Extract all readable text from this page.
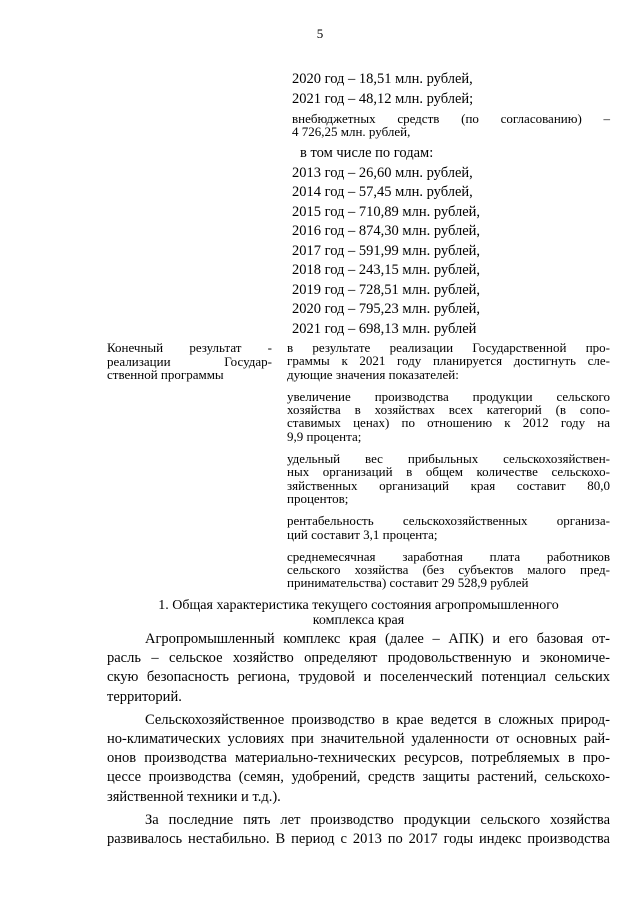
5
2020 год – 18,51 млн. рублей,
2021 год – 48,12 млн. рублей;
внебюджетных средств (по согласованию) –
4 726,25 млн. рублей,
в том числе по годам:
2013 год – 26,60 млн. рублей,
2014 год – 57,45 млн. рублей,
2015 год – 710,89 млн. рублей,
2016 год – 874,30 млн. рублей,
2017 год – 591,99 млн. рублей,
2018 год – 243,15 млн. рублей,
2019 год – 728,51 млн. рублей,
2020 год – 795,23 млн. рублей,
2021 год – 698,13 млн. рублей
Конечный результат -
реализации Государ-
ственной программы

в результате реализации Государственной про-
граммы к 2021 году планируется достигнуть сле-
дующие значения показателей:

увеличение производства продукции сельского
хозяйства в хозяйствах всех категорий (в сопо-
ставимых ценах) по отношению к 2012 году на
9,9 процента;

удельный вес прибыльных сельскохозяйствен-
ных организаций в общем количестве сельскохо-
зяйственных организаций края составит 80,0
процентов;

рентабельность сельскохозяйственных организа-
ций составит 3,1 процента;

среднемесячная заработная плата работников
сельского хозяйства (без субъектов малого пред-
принимательства) составит 29 528,9 рублей

1. Общая характеристика текущего состояния агропромышленного
комплекса края

Агропромышленный комплекс края (далее – АПК) и его базовая от-
расль – сельское хозяйство определяют продовольственную и экономиче-
скую безопасность региона, трудовой и поселенческий потенциал сельских
территорий.

Сельскохозяйственное производство в крае ведется в сложных природ-
но-климатических условиях при значительной удаленности от основных рай-
онов производства материально-технических ресурсов, потребляемых в про-
цессе производства (семян, удобрений, средств защиты растений, сельскохо-
зяйственной техники и т.д.).

За последние пять лет производство продукции сельского хозяйства
развивалось нестабильно. В период с 2013 по 2017 годы индекс производства
